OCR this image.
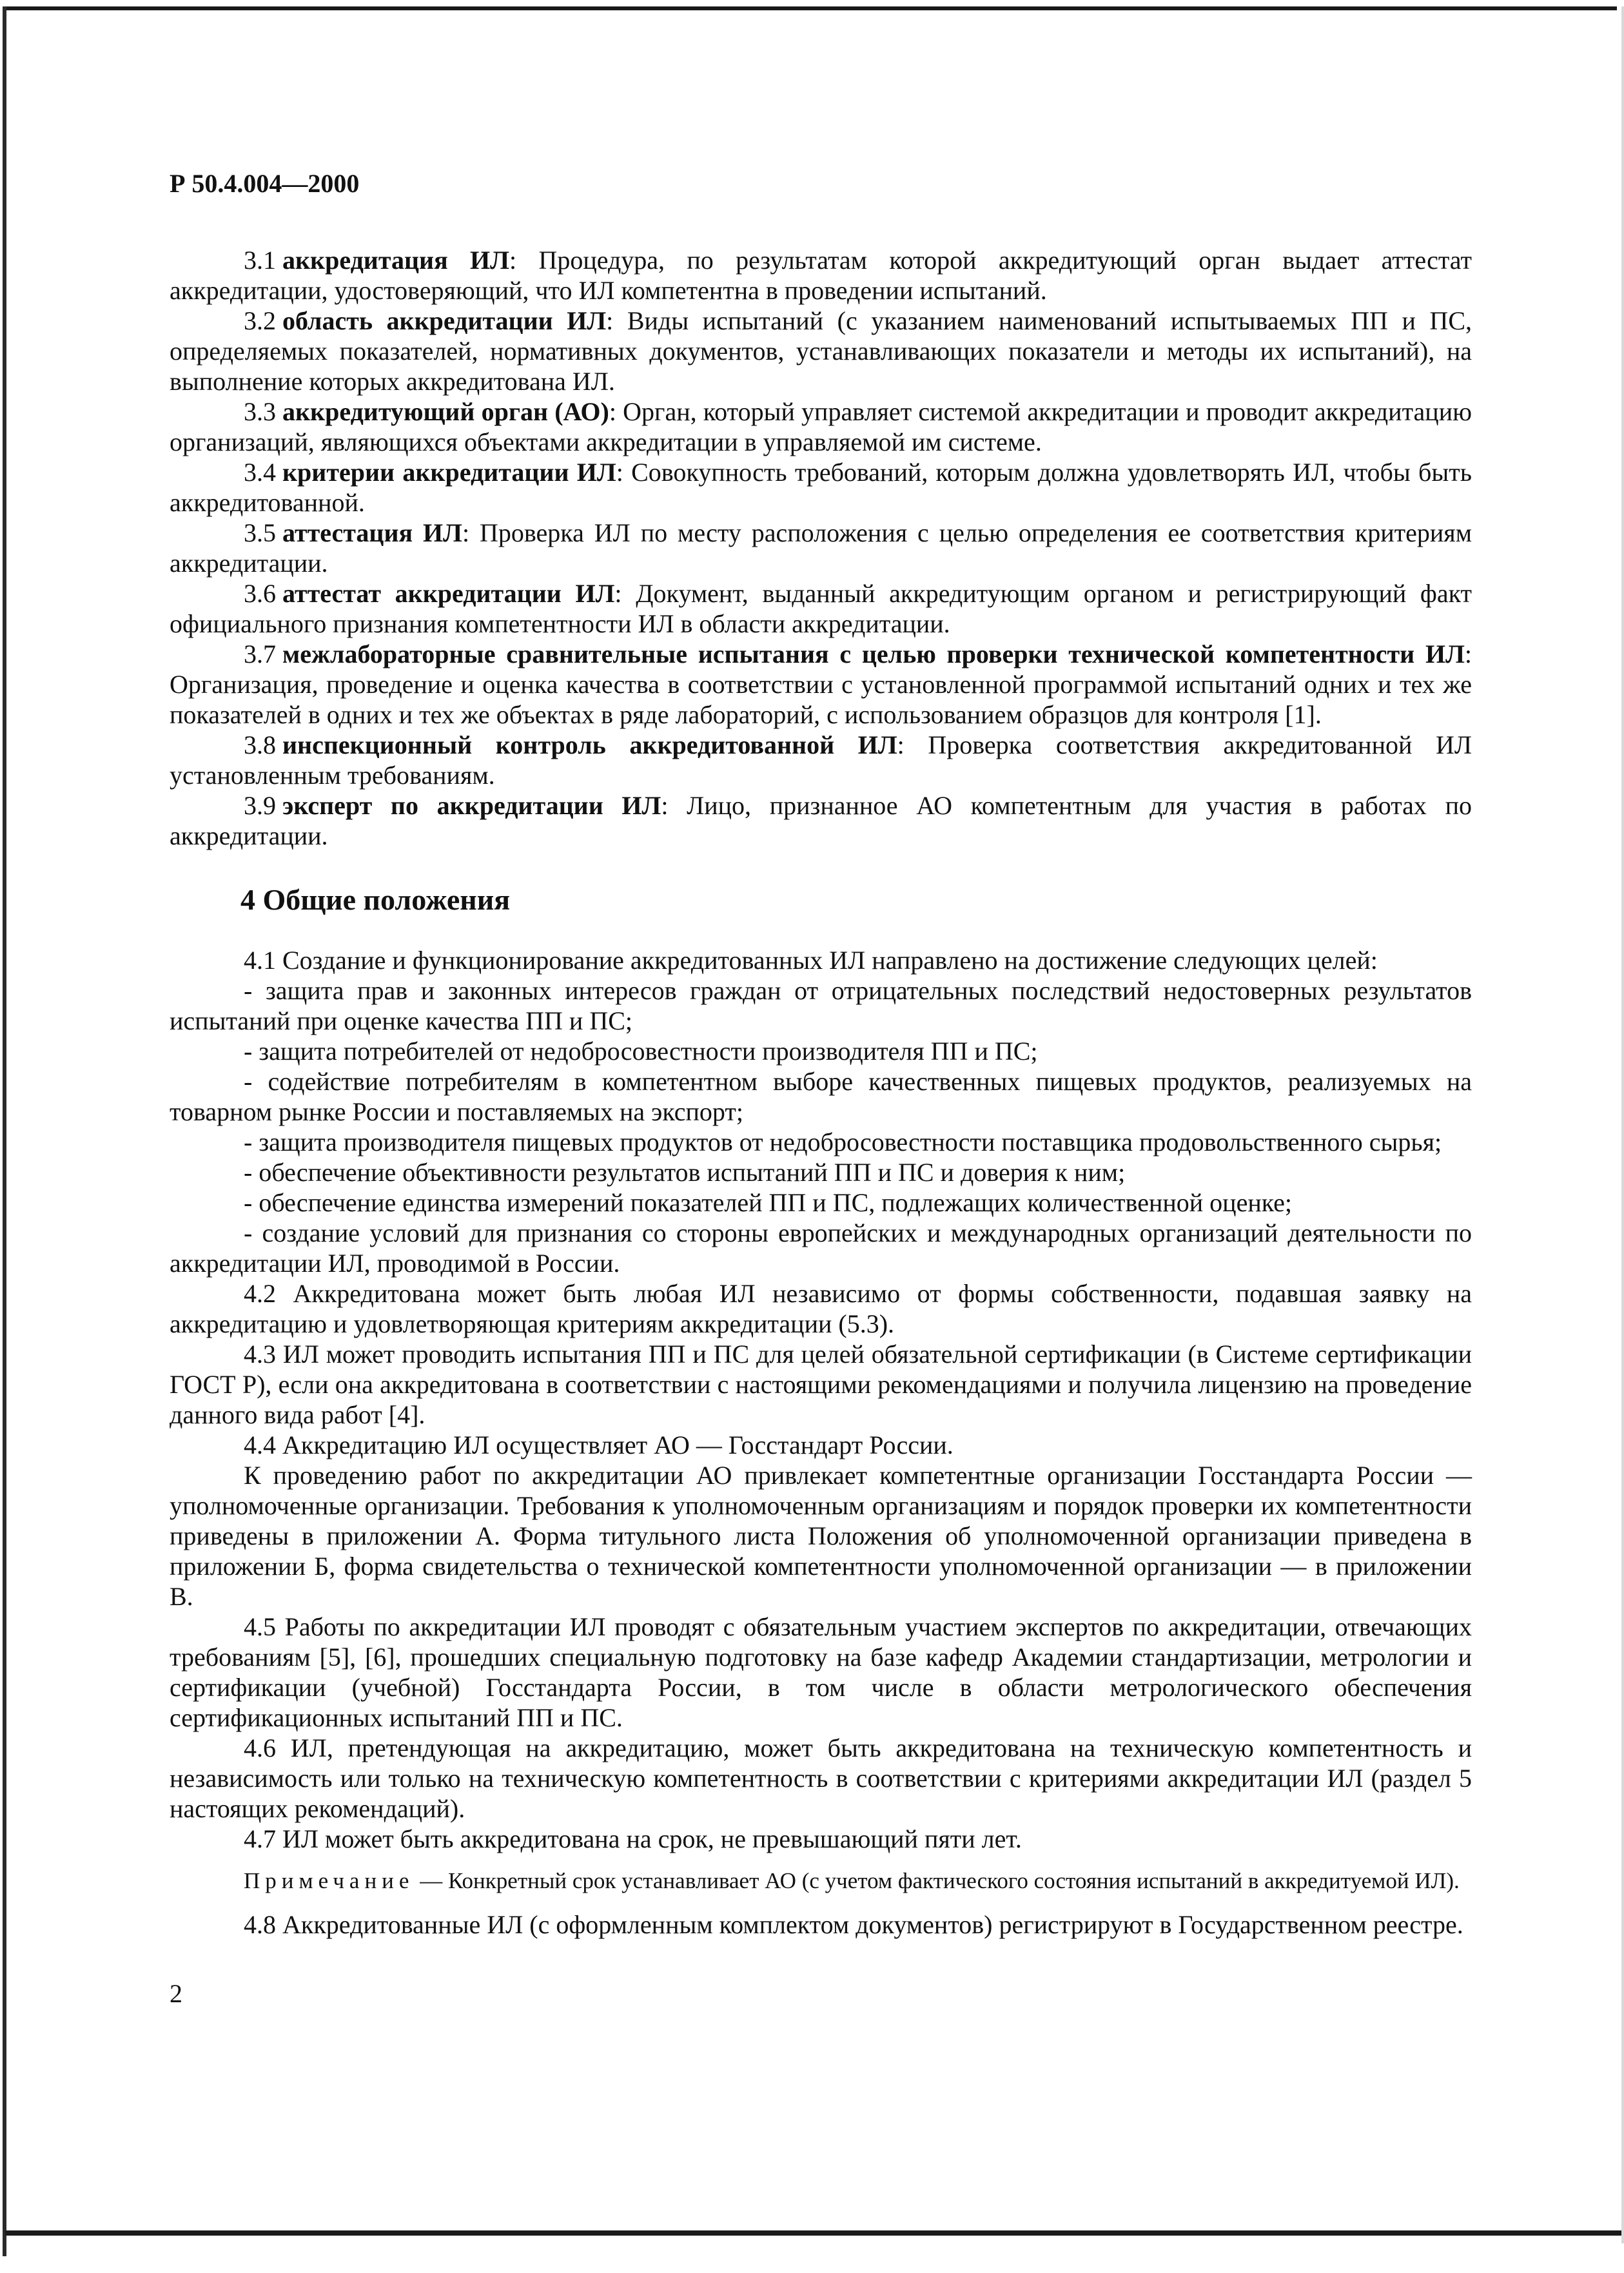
Р 50.4.004—2000

3.1 аккредитация ИЛ: Процедура, по результатам которой аккредитующий орган выдает аттестат аккредитации, удостоверяющий, что ИЛ компетентна в проведении испытаний.

3.2 область аккредитации ИЛ: Виды испытаний (с указанием наименований испытываемых ПП и ПС, определяемых показателей, нормативных документов, устанавливающих показатели и методы их испытаний), на выполнение которых аккредитована ИЛ.

3.3 аккредитующий орган (АО): Орган, который управляет системой аккредитации и проводит аккредитацию организаций, являющихся объектами аккредитации в управляемой им системе.

3.4 критерии аккредитации ИЛ: Совокупность требований, которым должна удовлетворять ИЛ, чтобы быть аккредитованной.

3.5 аттестация ИЛ: Проверка ИЛ по месту расположения с целью определения ее соответствия критериям аккредитации.

3.6 аттестат аккредитации ИЛ: Документ, выданный аккредитующим органом и регистрирующий факт официального признания компетентности ИЛ в области аккредитации.

3.7 межлабораторные сравнительные испытания с целью проверки технической компетентности ИЛ: Организация, проведение и оценка качества в соответствии с установленной программой испытаний одних и тех же показателей в одних и тех же объектах в ряде лабораторий, с использованием образцов для контроля [1].

3.8 инспекционный контроль аккредитованной ИЛ: Проверка соответствия аккредитованной ИЛ установленным требованиям.

3.9 эксперт по аккредитации ИЛ: Лицо, признанное АО компетентным для участия в работах по аккредитации.

4 Общие положения

4.1 Создание и функционирование аккредитованных ИЛ направлено на достижение следующих целей:

- защита прав и законных интересов граждан от отрицательных последствий недостоверных результатов испытаний при оценке качества ПП и ПС;

- защита потребителей от недобросовестности производителя ПП и ПС;

- содействие потребителям в компетентном выборе качественных пищевых продуктов, реализуемых на товарном рынке России и поставляемых на экспорт;

- защита производителя пищевых продуктов от недобросовестности поставщика продовольственного сырья;

- обеспечение объективности результатов испытаний ПП и ПС и доверия к ним;

- обеспечение единства измерений показателей ПП и ПС, подлежащих количественной оценке;

- создание условий для признания со стороны европейских и международных организаций деятельности по аккредитации ИЛ, проводимой в России.

4.2 Аккредитована может быть любая ИЛ независимо от формы собственности, подавшая заявку на аккредитацию и удовлетворяющая критериям аккредитации (5.3).

4.3 ИЛ может проводить испытания ПП и ПС для целей обязательной сертификации (в Системе сертификации ГОСТ Р), если она аккредитована в соответствии с настоящими рекомендациями и получила лицензию на проведение данного вида работ [4].

4.4 Аккредитацию ИЛ осуществляет АО — Госстандарт России.

К проведению работ по аккредитации АО привлекает компетентные организации Госстандарта России — уполномоченные организации. Требования к уполномоченным организациям и порядок проверки их компетентности приведены в приложении А. Форма титульного листа Положения об уполномоченной организации приведена в приложении Б, форма свидетельства о технической компетентности уполномоченной организации — в приложении В.

4.5 Работы по аккредитации ИЛ проводят с обязательным участием экспертов по аккредитации, отвечающих требованиям [5], [6], прошедших специальную подготовку на базе кафедр Академии стандартизации, метрологии и сертификации (учебной) Госстандарта России, в том числе в области метрологического обеспечения сертификационных испытаний ПП и ПС.

4.6 ИЛ, претендующая на аккредитацию, может быть аккредитована на техническую компетентность и независимость или только на техническую компетентность в соответствии с критериями аккредитации ИЛ (раздел 5 настоящих рекомендаций).

4.7 ИЛ может быть аккредитована на срок, не превышающий пяти лет.

Примечание — Конкретный срок устанавливает АО (с учетом фактического состояния испытаний в аккредитуемой ИЛ).

4.8 Аккредитованные ИЛ (с оформленным комплектом документов) регистрируют в Государственном реестре.

2
